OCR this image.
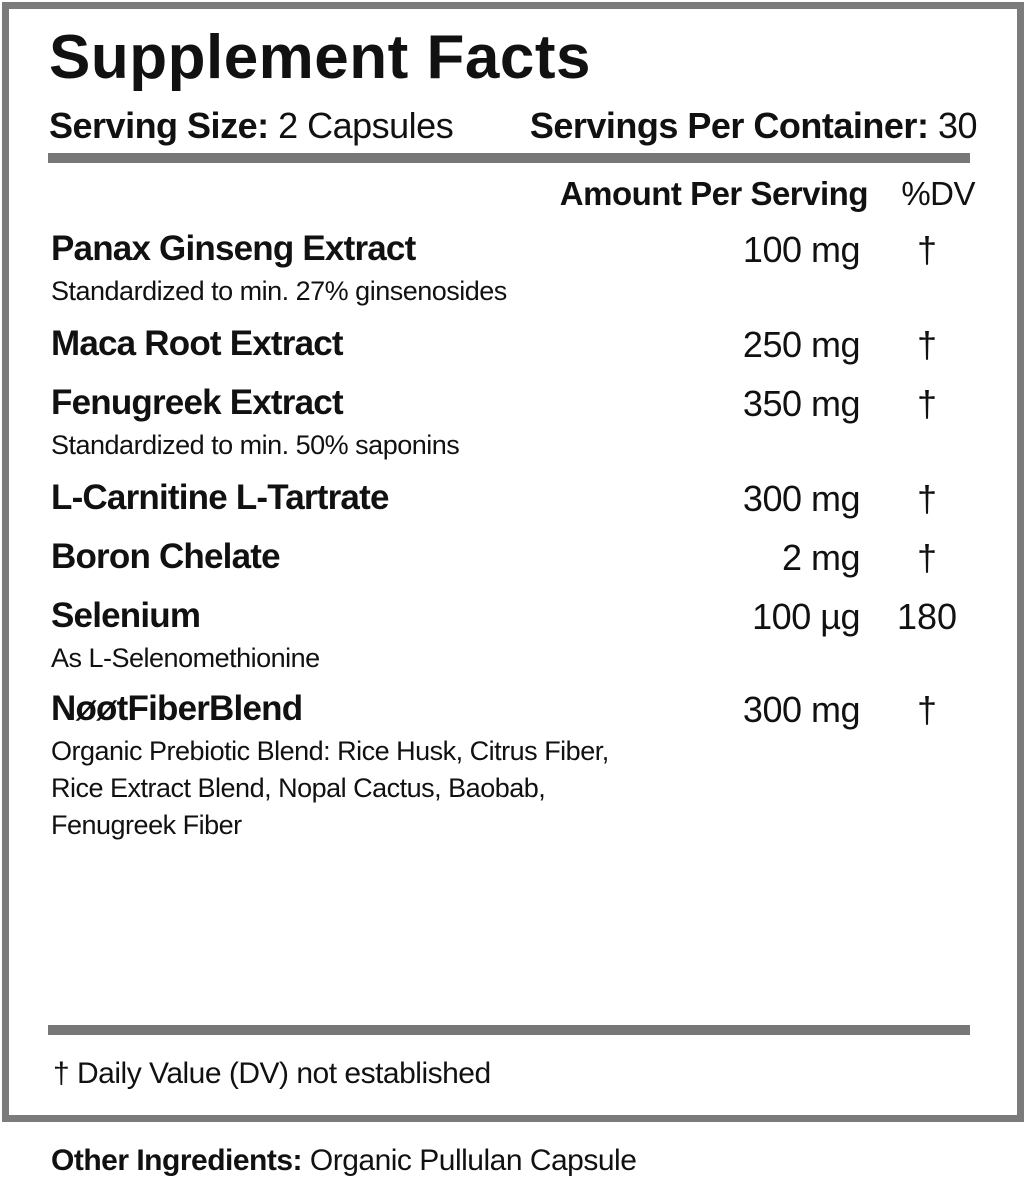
Supplement Facts
Serving Size: 2 Capsules Servings Per Container: 30
Amount Per Serving %DV
Panax Ginseng Extract	100 mg	†
Standardized to min. 27% ginsenosides
Maca Root Extract	250 mg	†
Fenugreek Extract	350 mg	†
Standardized to min. 50% saponins
L-Carnitine L-Tartrate	300 mg	†
Boron Chelate	2 mg	†
Selenium	100 µg 180
As L-Selenomethionine
NøøtFiberBlend	300 mg	†
Organic Prebiotic Blend: Rice Husk, Citrus Fiber,
Rice Extract Blend, Nopal Cactus, Baobab,
Fenugreek Fiber
† Daily Value (DV) not established
Other Ingredients: Organic Pullulan Capsule
